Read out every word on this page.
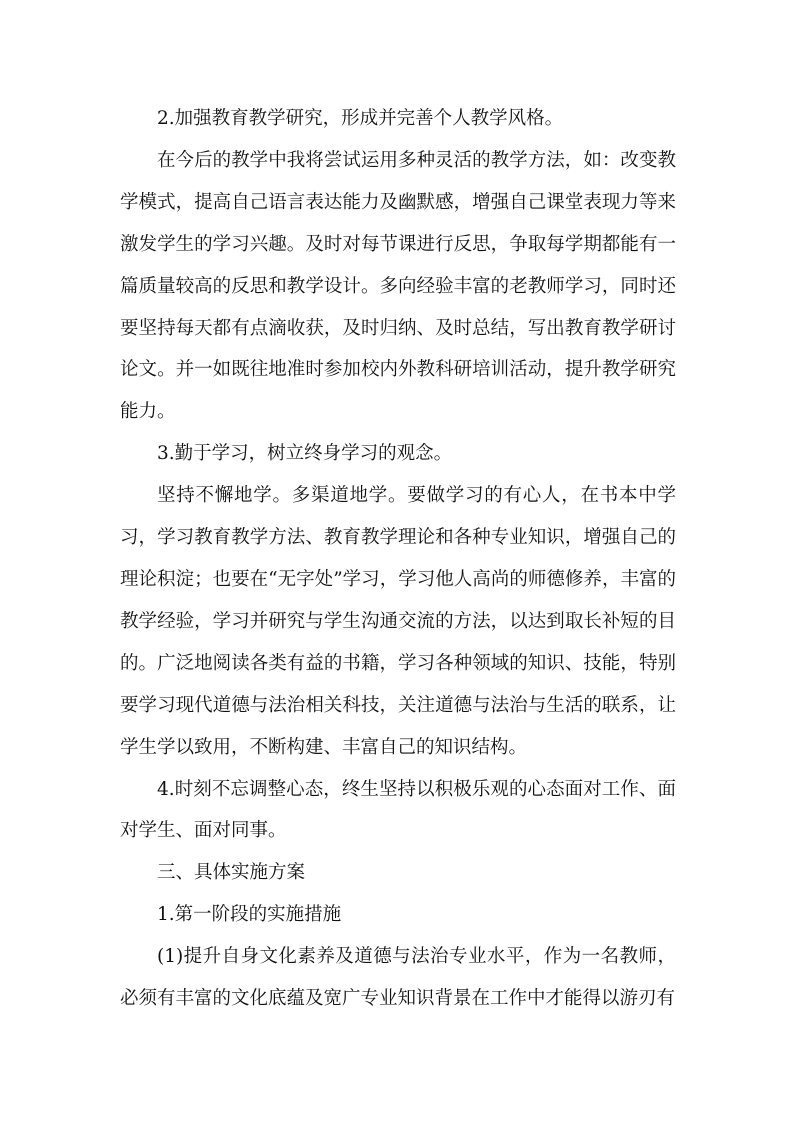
2.加强教育教学研究，形成并完善个人教学风格。

在今后的教学中我将尝试运用多种灵活的教学方法，如：改变教学模式，提高自己语言表达能力及幽默感，增强自己课堂表现力等来激发学生的学习兴趣。及时对每节课进行反思，争取每学期都能有一篇质量较高的反思和教学设计。多向经验丰富的老教师学习，同时还要坚持每天都有点滴收获，及时归纳、及时总结，写出教育教学研讨论文。并一如既往地准时参加校内外教科研培训活动，提升教学研究能力。

3.勤于学习，树立终身学习的观念。

坚持不懈地学。多渠道地学。要做学习的有心人，在书本中学习，学习教育教学方法、教育教学理论和各种专业知识，增强自己的理论积淀；也要在“无字处”学习，学习他人高尚的师德修养，丰富的教学经验，学习并研究与学生沟通交流的方法，以达到取长补短的目的。广泛地阅读各类有益的书籍，学习各种领域的知识、技能，特别要学习现代道德与法治相关科技，关注道德与法治与生活的联系，让学生学以致用，不断构建、丰富自己的知识结构。

4.时刻不忘调整心态，终生坚持以积极乐观的心态面对工作、面对学生、面对同事。

三、具体实施方案

1.第一阶段的实施措施

(1)提升自身文化素养及道德与法治专业水平，作为一名教师，必须有丰富的文化底蕴及宽广专业知识背景在工作中才能得以游刃有
